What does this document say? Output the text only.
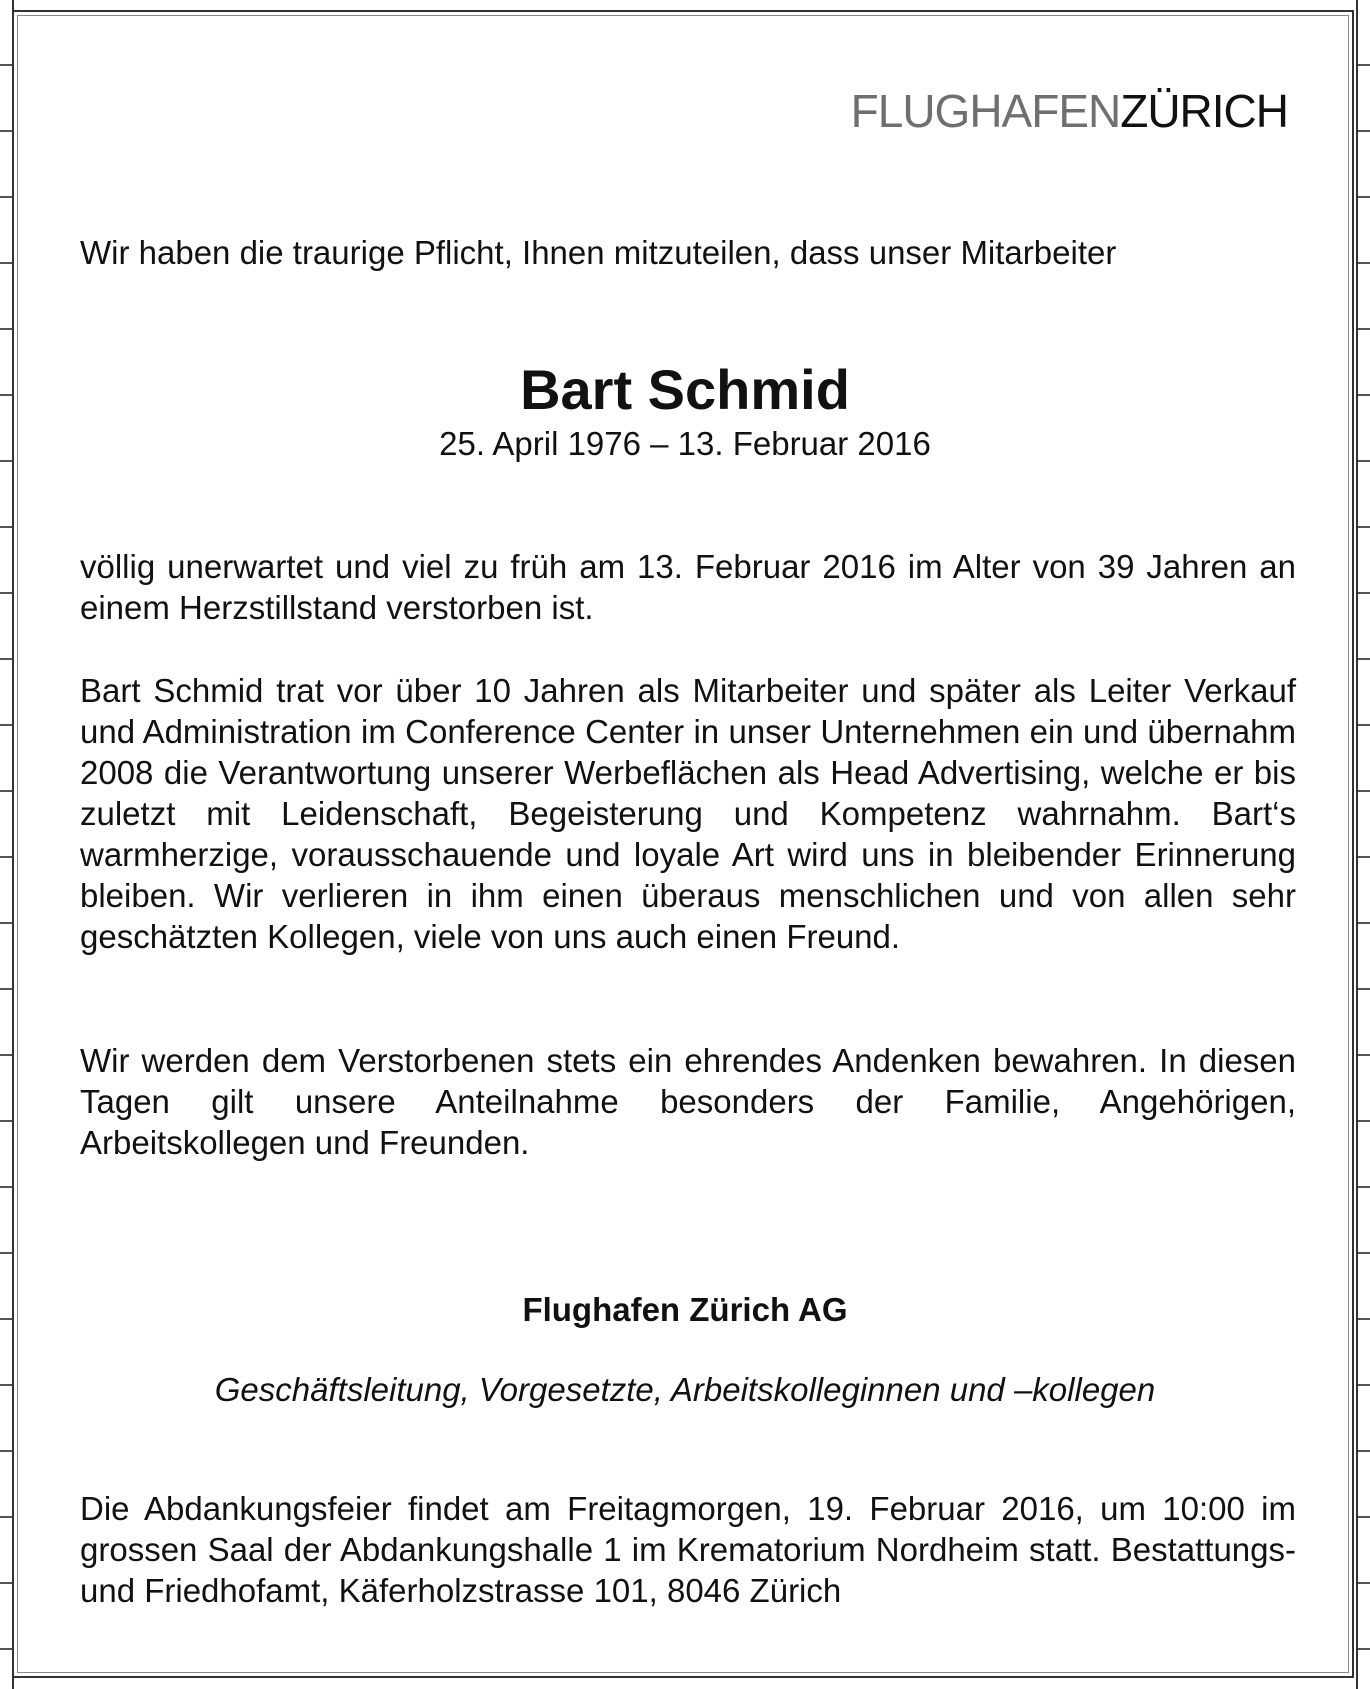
FLUGHAFENZÜRICH
Wir haben die traurige Pflicht, Ihnen mitzuteilen, dass unser Mitarbeiter
Bart Schmid
25. April 1976 – 13. Februar 2016
völlig unerwartet und viel zu früh am 13. Februar 2016 im Alter von 39 Jahren an einem Herzstillstand verstorben ist.
Bart Schmid trat vor über 10 Jahren als Mitarbeiter und später als Leiter Verkauf und Administration im Conference Center in unser Unternehmen ein und übernahm 2008 die Verantwortung unserer Werbeflächen als Head Advertising, welche er bis zuletzt mit Leidenschaft, Begeisterung und Kompetenz wahrnahm. Bart‘s warmherzige, vorausschauende und loyale Art wird uns in bleibender Erinnerung bleiben. Wir verlieren in ihm einen überaus menschlichen und von allen sehr geschätzten Kollegen, viele von uns auch einen Freund.
Wir werden dem Verstorbenen stets ein ehrendes Andenken bewahren. In diesen Tagen gilt unsere Anteilnahme besonders der Familie, Angehörigen, Arbeitskollegen und Freunden.
Flughafen Zürich AG
Geschäftsleitung, Vorgesetzte, Arbeitskolleginnen und –kollegen
Die Abdankungsfeier findet am Freitagmorgen, 19. Februar 2016, um 10:00 im grossen Saal der Abdankungshalle 1 im Krematorium Nordheim statt. Bestattungs- und Friedhofamt, Käferholzstrasse 101, 8046 Zürich
